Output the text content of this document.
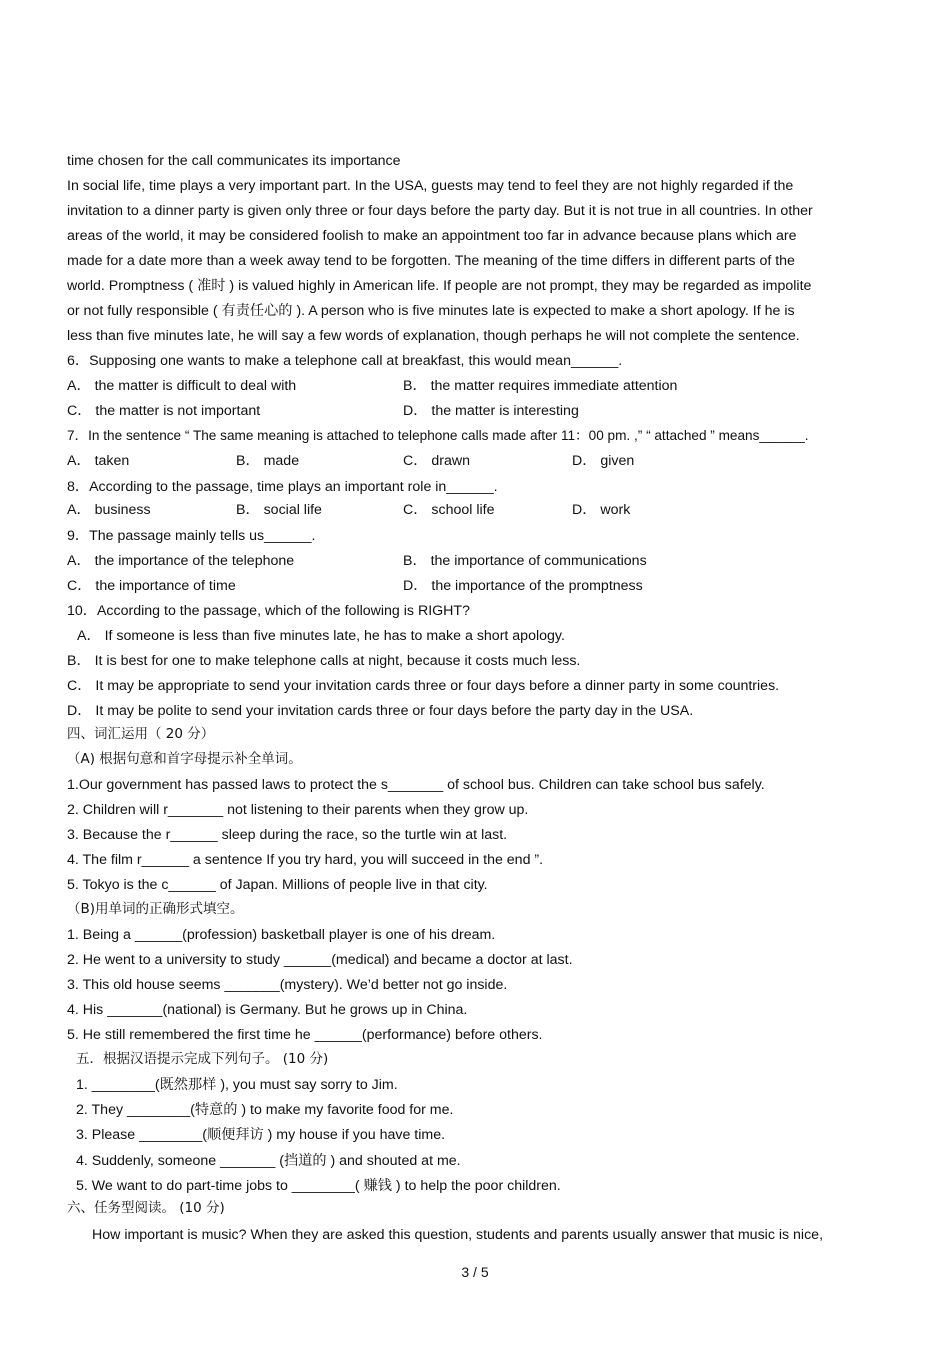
time chosen for the call communicates its importance
In social life, time plays a very important part. In the USA, guests may tend to feel they are not highly regarded if the
invitation to a dinner party is given only three or four days before the party day. But it is not true in all countries. In other
areas of the world, it may be considered foolish to make an appointment too far in advance because plans which are
made for a date more than a week away tend to be forgotten. The meaning of the time differs in different parts of the
world. Promptness ( 准时 ) is valued highly in American life. If people are not prompt, they may be regarded as impolite
or not fully responsible ( 有责任心的 ). A person who is five minutes late is expected to make a short apology. If he is
less than five minutes late, he will say a few words of explanation, though perhaps he will not complete the sentence.
6．Supposing one wants to make a telephone call at breakfast, this would mean______.
A． the matter is difficult to deal with	B． the matter requires immediate attention
C． the matter is not important	D． the matter is interesting
7．In the sentence “ The same meaning is attached to telephone calls made after 11：00 pm. ,” “ attached ” means______.
A． taken	B． made	C． drawn	D． given
8．According to the passage, time plays an important role in______.
A． business	B． social life	C． school life	D． work
9．The passage mainly tells us______.
A． the importance of the telephone	B． the importance of communications
C． the importance of time	D． the importance of the promptness
10．According to the passage, which of the following is RIGHT?
A． If someone is less than five minutes late, he has to make a short apology.
B． It is best for one to make telephone calls at night, because it costs much less.
C． It may be appropriate to send your invitation cards three or four days before a dinner party in some countries.
D． It may be polite to send your invitation cards three or four days before the party day in the USA.
四、词汇运用（ 20 分）
（A) 根据句意和首字母提示补全单词。
1.Our government has passed laws to protect the s_______ of school bus. Children can take school bus safely.
2. Children will r_______ not listening to their parents when they grow up.
3. Because the r______ sleep during the race, so the turtle win at last.
4. The film r______ a sentence If you try hard, you will succeed in the end ”.
5. Tokyo is the c______ of Japan. Millions of people live in that city.
（B)用单词的正确形式填空。
1. Being a ______(profession) basketball player is one of his dream.
2. He went to a university to study ______(medical) and became a doctor at last.
3. This old house seems _______(mystery). We’d better not go inside.
4. His _______(national) is Germany. But he grows up in China.
5. He still remembered the first time he ______(performance) before others.
五．根据汉语提示完成下列句子。 (10 分)
1. ________(既然那样 ), you must say sorry to Jim.
2. They ________(特意的 ) to make my favorite food for me.
3. Please ________(顺便拜访 ) my house if you have time.
4. Suddenly, someone _______ (挡道的 ) and shouted at me.
5. We want to do part-time jobs to ________( 赚钱 ) to help the poor children.
六、任务型阅读。 (10 分)
How important is music? When they are asked this question, students and parents usually answer that music is nice,
3 / 5
